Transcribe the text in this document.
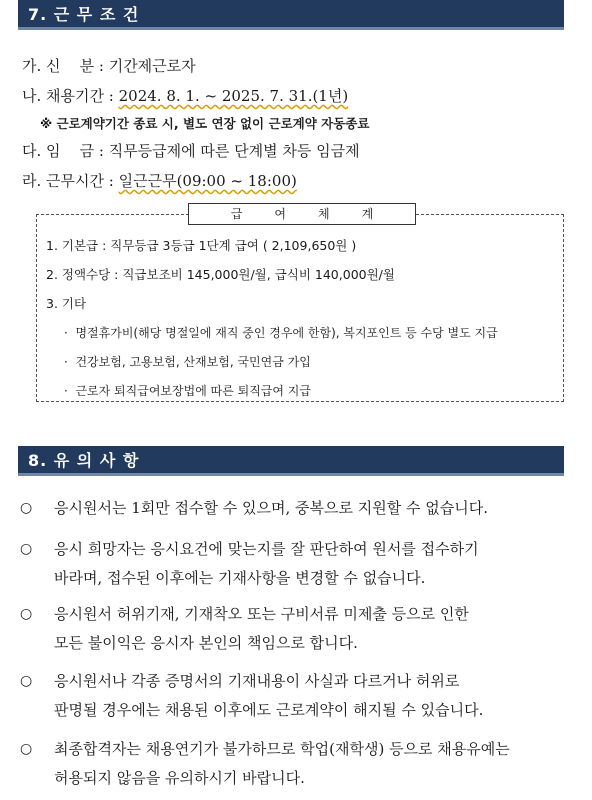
7. 근 무 조 건
가. 신    분 : 기간제근로자
나. 채용기간 : 2024. 8. 1. ~ 2025. 7. 31.(1년)
※ 근로계약기간 종료 시, 별도 연장 없이 근로계약 자동종료
다. 임    금 : 직무등급제에 따른 단계별 차등 임금제
라. 근무시간 : 일근근무(09:00 ~ 18:00)
급	여	체	계
1. 기본급 : 직무등급 3등급 1단계 급여 ( 2,109,650원 )
2. 정액수당 : 직급보조비 145,000원/월, 급식비 140,000원/월
3. 기타
· 명절휴가비(해당 명절일에 재직 중인 경우에 한함), 복지포인트 등 수당 별도 지급
· 건강보험, 고용보험, 산재보험, 국민연금 가입
· 근로자 퇴직급여보장법에 따른 퇴직급여 지급
8. 유 의 사 항
○ 응시원서는 1회만 접수할 수 있으며, 중복으로 지원할 수 없습니다.
○ 응시 희망자는 응시요건에 맞는지를 잘 판단하여 원서를 접수하기
바라며, 접수된 이후에는 기재사항을 변경할 수 없습니다.
○ 응시원서 허위기재, 기재착오 또는 구비서류 미제출 등으로 인한
모든 불이익은 응시자 본인의 책임으로 합니다.
○ 응시원서나 각종 증명서의 기재내용이 사실과 다르거나 허위로
판명될 경우에는 채용된 이후에도 근로계약이 해지될 수 있습니다.
○ 최종합격자는 채용연기가 불가하므로 학업(재학생) 등으로 채용유예는
허용되지 않음을 유의하시기 바랍니다.
